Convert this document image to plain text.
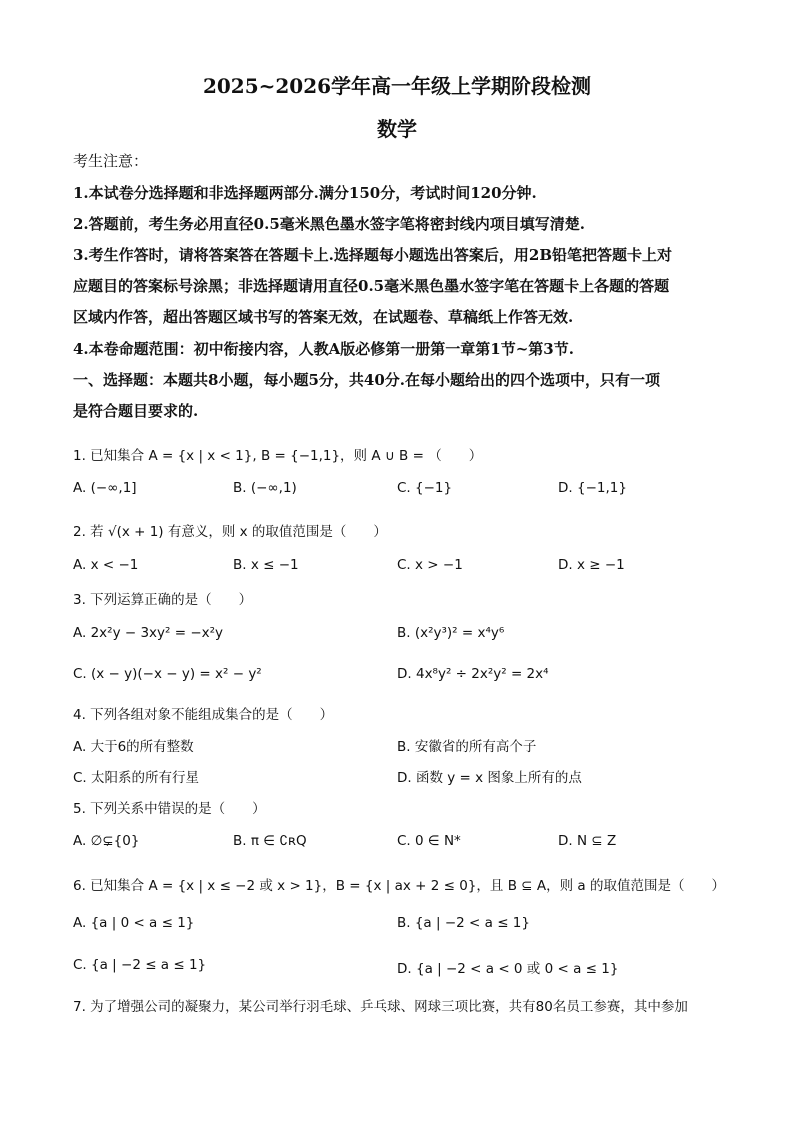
2025~2026学年高一年级上学期阶段检测
数学
考生注意：
1.本试卷分选择题和非选择题两部分.满分150分，考试时间120分钟.
2.答题前，考生务必用直径0.5毫米黑色墨水签字笔将密封线内项目填写清楚.
3.考生作答时，请将答案答在答题卡上.选择题每小题选出答案后，用2B铅笔把答题卡上对
应题目的答案标号涂黑；非选择题请用直径0.5毫米黑色墨水签字笔在答题卡上各题的答题
区域内作答，超出答题区域书写的答案无效，在试题卷、草稿纸上作答无效.
4.本卷命题范围：初中衔接内容，人教A版必修第一册第一章第1节~第3节.
一、选择题：本题共8小题，每小题5分，共40分.在每小题给出的四个选项中，只有一项
是符合题目要求的.
1. 已知集合 A = {x | x < 1}, B = {−1,1}，则 A ∪ B = （　　）
A. (−∞,1]	B. (−∞,1)	C. {−1}	D. {−1,1}
2. 若 √(x + 1) 有意义，则 x 的取值范围是（　　）
A. x < −1	B. x ≤ −1	C. x > −1	D. x ≥ −1
3. 下列运算正确的是（　　）
A. 2x²y − 3xy² = −x²y	B. (x²y³)² = x⁴y⁶
C. (x − y)(−x − y) = x² − y²	D. 4x⁸y² ÷ 2x²y² = 2x⁴
4. 下列各组对象不能组成集合的是（　　）
A. 大于6的所有整数	B. 安徽省的所有高个子
C. 太阳系的所有行星	D. 函数 y = x 图象上所有的点
5. 下列关系中错误的是（　　）
A. ∅⊊{0}	B. π ∈ ∁ʀQ	C. 0 ∈ N*	D. N ⊆ Z
6. 已知集合 A = {x | x ≤ −2 或 x > 1}，B = {x | ax + 2 ≤ 0}，且 B ⊆ A，则 a 的取值范围是（　　）
A. {a | 0 < a ≤ 1}	B. {a | −2 < a ≤ 1}
C. {a | −2 ≤ a ≤ 1}	D. {a | −2 < a < 0 或 0 < a ≤ 1}
7. 为了增强公司的凝聚力，某公司举行羽毛球、乒乓球、网球三项比赛，共有80名员工参赛，其中参加
